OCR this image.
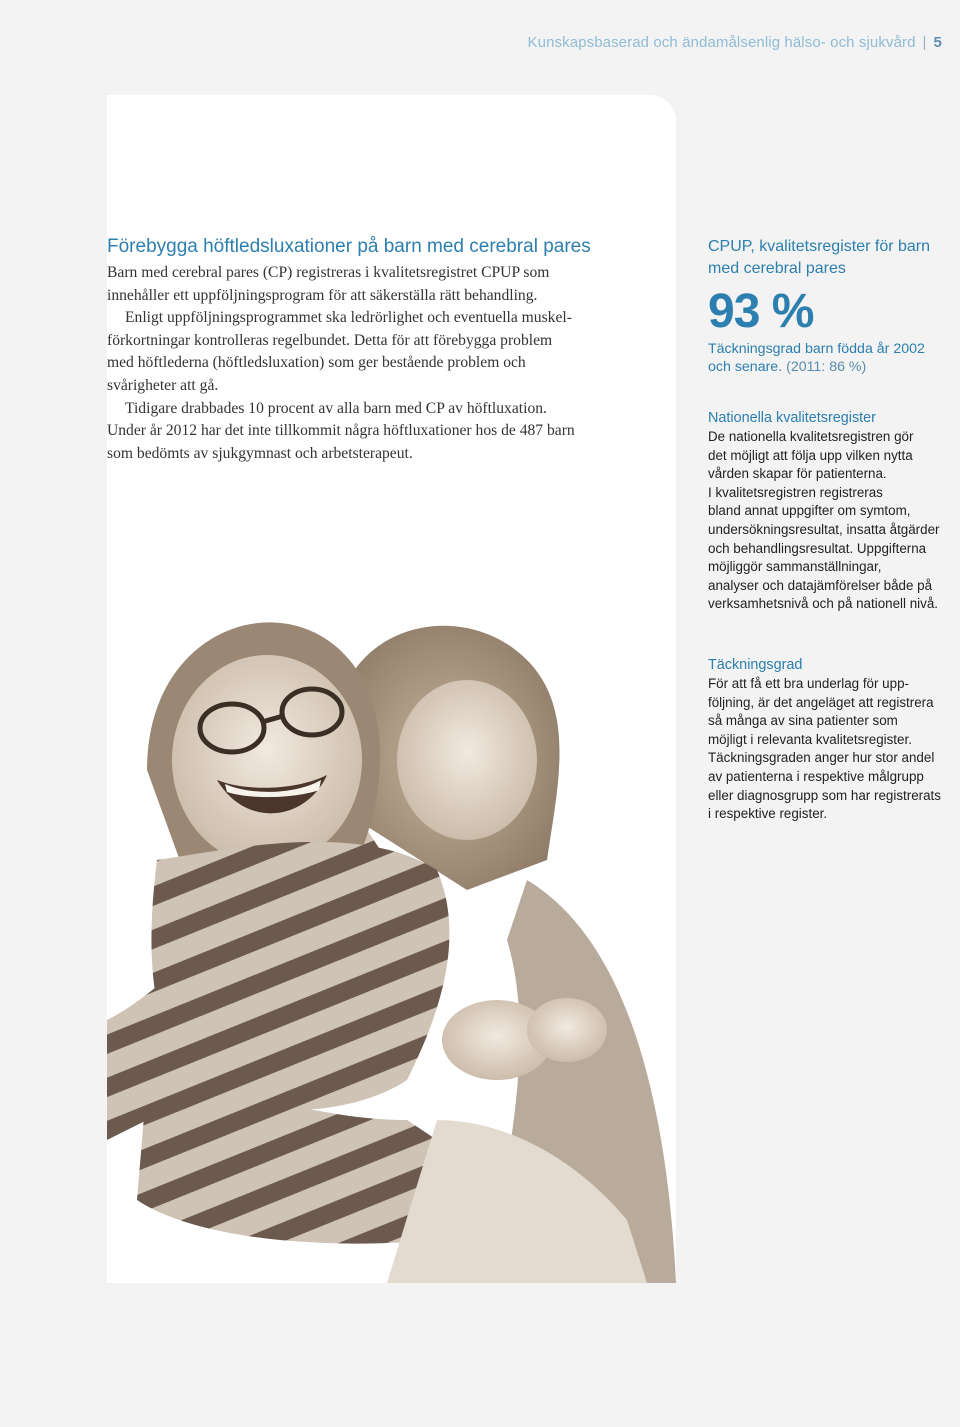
Kunskapsbaserad och ändamålsenlig hälso- och sjukvård | 5
Förebygga höftledsluxationer på barn med cerebral pares

Barn med cerebral pares (CP) registreras i kvalitetsregistret CPUP som

innehåller ett uppföljningsprogram för att säkerställa rätt behandling.

Enligt uppföljningsprogrammet ska ledrörlighet och eventuella muskel-

förkortningar kontrolleras regelbundet. Detta för att förebygga problem

med höftlederna (höftledsluxation) som ger bestående problem och

svårigheter att gå.

Tidigare drabbades 10 procent av alla barn med CP av höftluxation.

Under år 2012 har det inte tillkommit några höftluxationer hos de 487 barn

som bedömts av sjukgymnast och arbetsterapeut.

CPUP, kvalitetsregister för barn
med cerebral pares

93 %
Täckningsgrad barn födda år 2002
och senare. (2011: 86 %)

Nationella kvalitetsregister

De nationella kvalitetsregistren gör

det möjligt att följa upp vilken nytta

vården skapar för patienterna.

I kvalitetsregistren registreras

bland annat uppgifter om symtom,

undersökningsresultat, insatta åtgärder

och behandlingsresultat. Uppgifterna

möjliggör sammanställningar,

analyser och datajämförelser både på

verksamhetsnivå och på nationell nivå.

Täckningsgrad

För att få ett bra underlag för upp-

följning, är det angeläget att registrera

så många av sina patienter som

möjligt i relevanta kvalitetsregister.

Täckningsgraden anger hur stor andel

av patienterna i respektive målgrupp

eller diagnosgrupp som har registrerats

i respektive register.
